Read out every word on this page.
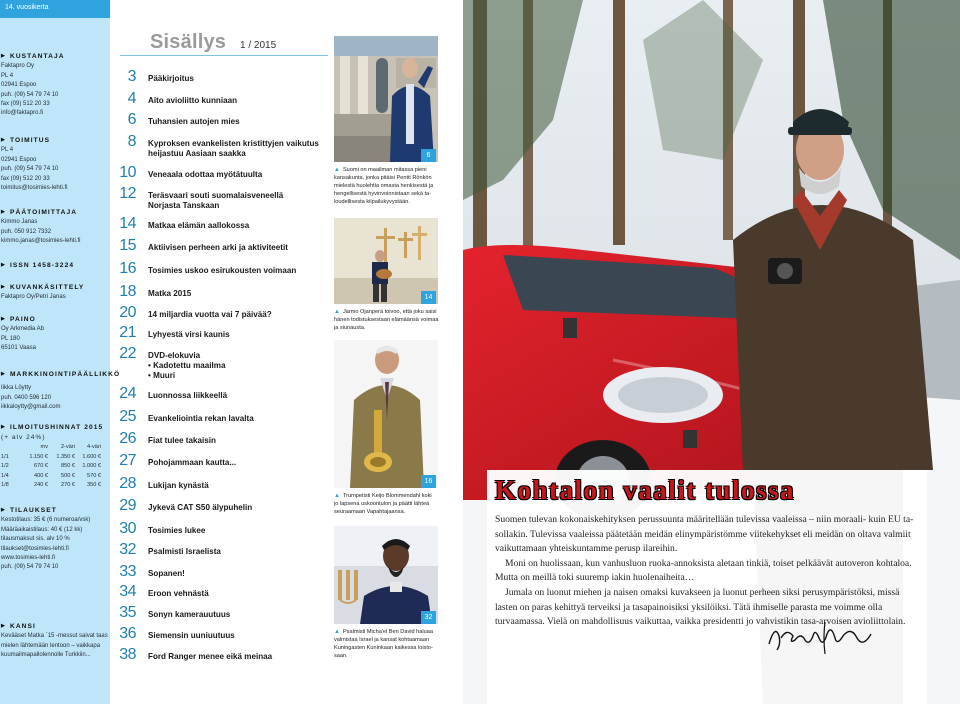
14. vuosikerta
▶ KUSTANTAJA
Faktapro Oy
PL 4
02941 Espoo
puh. (09) 54 79 74 10
fax (09) 512 20 33
info@faktapro.fi
▶ TOIMITUS
PL 4
02941 Espoo
puh. (09) 54 79 74 10
fax (09) 512 20 33
toimitus@tosimies-lehti.fi
▶ PÄÄTOIMITTAJA
Kimmo Janas
puh. 050 912 7332
kimmo.janas@tosimies-lehti.fi
▶ ISSN 1458-3224
▶ KUVANKÄSITTELY
Faktapro Oy/Petri Janas
▶ PAINO
Oy Arkmedia Ab
PL 180
65101 Vaasa
▶ MARKKINOINTIPÄÄLLIKKÖ
Iikka Löytty
puh. 0400 596 120
iikkaloytty@gmail.com
▶ ILMOITUSHINNAT 2015
(+ alv 24%)
	mv	2-väri	4-väri
1/1	1.150 €	1.350 €	1.600 €
1/2	670 €	850 €	1.000 €
1/4	400 €	500 €	570 €
1/8	240 €	270 €	350 €
▶ TILAUKSET
Kestotilaus: 35 € (6 numeroa/vsk)
Määräaikaistilaus: 40 € (12 kk)
tilausmaksut sis. alv 10 %
tilaukset@tosimies-lehti.fi
www.tosimies-lehti.fi
puh. (09) 54 79 74 10
▶ KANSI
Kevääset Matka ´15 -messut saivat taas
mielen lähtemään lentoon – vaikkapa
kuumailmapallolennolle Turkkiin...
Sisällys 1 / 2015
3 Pääkirjoitus
4 Aito avioliitto kunniaan
6 Tuhansien autojen mies
8 Kyproksen evankelisten kristittyjen vaikutus
heijastuu Aasiaan saakka
10 Veneaala odottaa myötätuulta
12 Teräsvaari souti suomalaisveneellä
Norjasta Tanskaan
14 Matkaa elämän aallokossa
15 Aktiivisen perheen arki ja aktiviteetit
16 Tosimies uskoo esirukousten voimaan
18 Matka 2015
20 14 miljardia vuotta vai 7 päivää?
21 Lyhyestä virsi kaunis
22 DVD-elokuvia
• Kadotettu maailma
• Muuri
24 Luonnossa liikkeellä
25 Evankeliointia rekan lavalta
26 Fiat tulee takaisin
27 Pohojammaan kautta...
28 Lukijan kynästä
29 Jykevä CAT S50 älypuhelin
30 Tosimies lukee
32 Psalmisti Israelista
33 Sopanen!
34 Eroon vehnästä
35 Sonyn kamerauutuus
36 Siemensin uuniuutuus
38 Ford Ranger menee eikä meinaa
6
▲ Suomi on maailman mitassa pieni
kansakunta, jonka pitäisi Pentti Rönkön
mielestä huolehtia omasta henkisestä ja
hengellisestä hyvinvoinnistaan sekä ta-
loudellisesta kilpailukyvystään.
14
▲ Jarmo Ojanperä toivoo, että joku saisi
hänen todistuksestaan elämäänsä voimaa
ja siunausta.
16
▲ Trumpetisti Keijo Blommendahl koki
jo lapsena uskoontulon ja päätti lähteä
seuraamaan Vapahtajaansa.
32
▲ Psalmisti Micha'el Ben David haluaa
valmistaa Israel ja kansat kohtaamaan
Kuningasten Kuninkaan kaikessa loisto-
saan.
Kohtalon vaalit tulossa

Suomen tulevan kokonaiskehityksen perussuunta määritellään tulevissa vaaleissa – niin moraali- kuin EU ta-sollakin. Tulevissa vaaleissa päätetään meidän elinympäristömme viitekehykset eli meidän on oltava valmiit vaikuttamaan yhteiskuntamme perusp ilareihin.

Moni on huolissaan, kun vanhusluon ruoka-annoksista aletaan tinkiä, toiset pelkäävät autoveron kohtaloa. Mutta on meillä toki suuremp iakin huolenaiheita…

Jumala on luonut miehen ja naisen omaksi kuvakseen ja luonut perheen siksi perusympäristöksi, missä lasten on paras kehittyä terveiksi ja tasapainoisiksi yksilöiksi. Tätä ihmiselle parasta me voimme olla turvaamassa. Vielä on mahdollisuus vaikuttaa, vaikka presidentti jo vahvistikin tasa-arvoisen avioliittolain.
